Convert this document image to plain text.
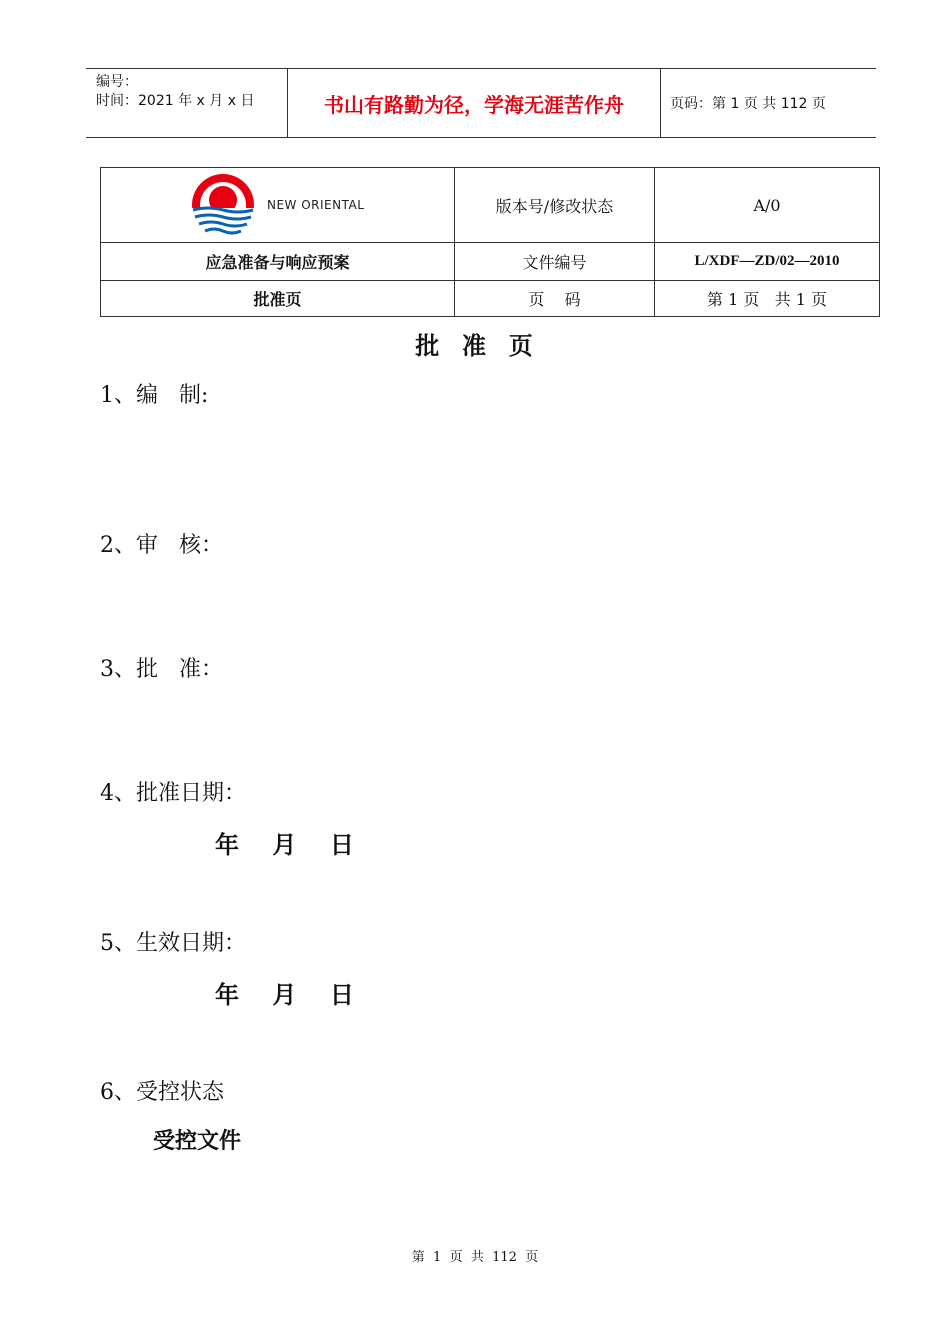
编号：
时间：2021 年 x 月 x 日	书山有路勤为径，学海无涯苦作舟	页码：第 1 页 共 112 页
NEW ORIENTAL	版本号/修改状态	A/0
应急准备与响应预案	文件编号	L/XDF—ZD/02—2010
批准页	页    码	第 1 页   共 1 页
批  准  页
1、编   制:
2、审   核：
3、批   准：
4、批准日期：
年    月    日
5、生效日期：
年    月    日
6、受控状态
受控文件
第  1  页  共  112  页
